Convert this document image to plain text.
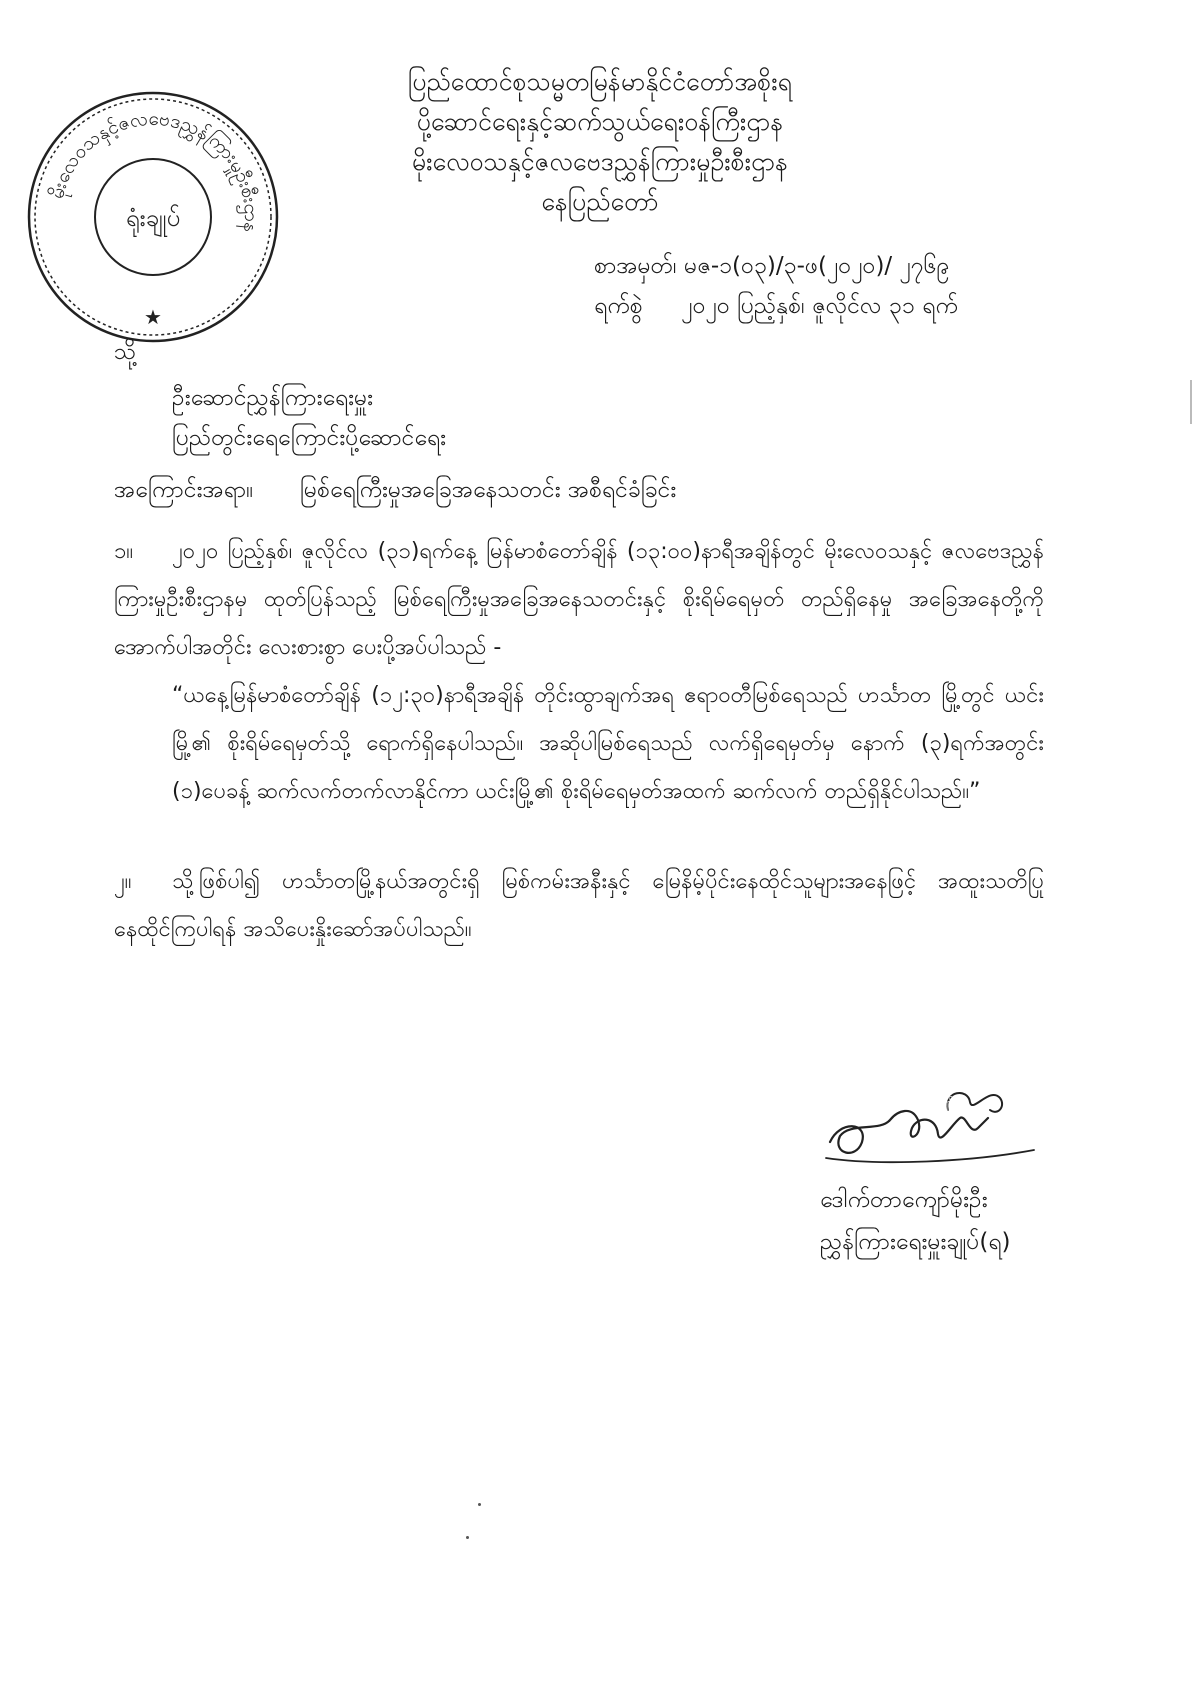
မိုးလေဝသနှင့်ဇလဗေဒညွှန်ကြားမှုဦးစီးဌာန
ရုံးချုပ်
★
ပြည်ထောင်စုသမ္မတမြန်မာနိုင်ငံတော်အစိုးရ
ပို့ဆောင်ရေးနှင့်ဆက်သွယ်ရေးဝန်ကြီးဌာန
မိုးလေဝသနှင့်ဇလဗေဒညွှန်ကြားမှုဦးစီးဌာန
နေပြည်တော်
စာအမှတ်၊ မဇ-၁(၀၃)/၃-ဖ(၂၀၂၀)/ ၂၇၆၉
ရက်စွဲ ၂၀၂၀ ပြည့်နှစ်၊ ဇူလိုင်လ ၃၁ ရက်
သို့
ဦးဆောင်ညွှန်ကြားရေးမှူး
ပြည်တွင်းရေကြောင်းပို့ဆောင်ရေး
အကြောင်းအရာ။ မြစ်ရေကြီးမှုအခြေအနေသတင်း အစီရင်ခံခြင်း
၁။	၂၀၂၀ ပြည့်နှစ်၊ ဇူလိုင်လ (၃၁)ရက်နေ့ မြန်မာစံတော်ချိန် (၁၃:၀၀)နာရီအချိန်တွင် မိုးလေဝသနှင့် ဇလဗေဒညွှန်ကြားမှုဦးစီးဌာနမှ ထုတ်ပြန်သည့် မြစ်ရေကြီးမှုအခြေအနေသတင်းနှင့် စိုးရိမ်ရေမှတ် တည်ရှိနေမှု အခြေအနေတို့ကို အောက်ပါအတိုင်း လေးစားစွာ ပေးပို့အပ်ပါသည် -
“ယနေ့မြန်မာစံတော်ချိန် (၁၂:၃၀)နာရီအချိန် တိုင်းထွာချက်အရ ဧရာဝတီမြစ်ရေသည် ဟင်္သာတ မြို့တွင် ယင်းမြို့၏ စိုးရိမ်ရေမှတ်သို့ ရောက်ရှိနေပါသည်။ အဆိုပါမြစ်ရေသည် လက်ရှိရေမှတ်မှ နောက် (၃)ရက်အတွင်း (၁)ပေခန့် ဆက်လက်တက်လာနိုင်ကာ ယင်းမြို့၏ စိုးရိမ်ရေမှတ်အထက် ဆက်လက် တည်ရှိနိုင်ပါသည်။”
၂။	သို့ဖြစ်ပါ၍ ဟင်္သာတမြို့နယ်အတွင်းရှိ မြစ်ကမ်းအနီးနှင့် မြေနိမ့်ပိုင်းနေထိုင်သူများအနေဖြင့် အထူးသတိပြု နေထိုင်ကြပါရန် အသိပေးနှိုးဆော်အပ်ပါသည်။
ကျော်
ဒေါက်တာကျော်မိုးဦး
ညွှန်ကြားရေးမှူးချုပ်(ရ)
